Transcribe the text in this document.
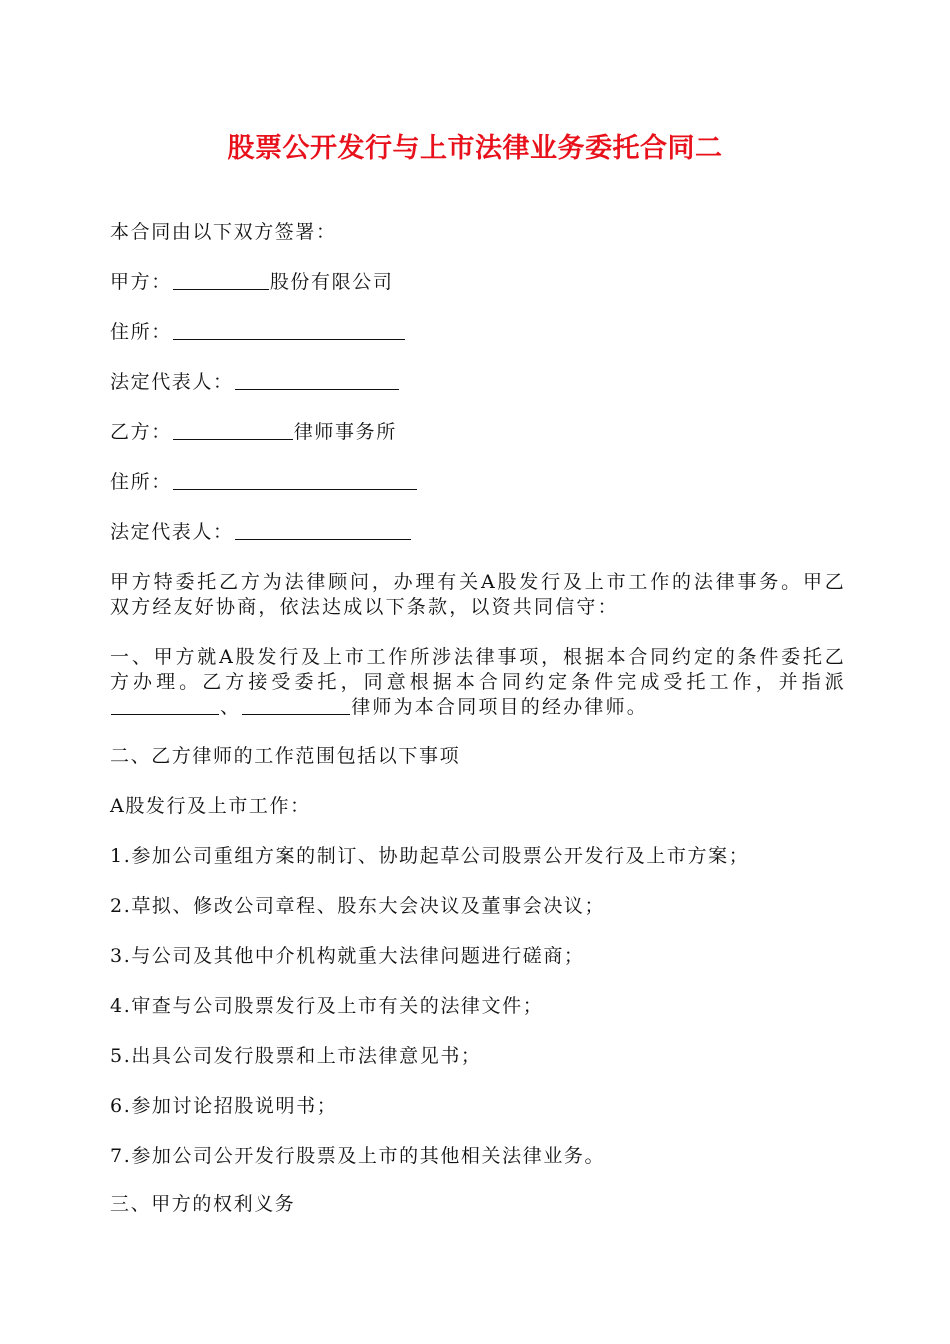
股票公开发行与上市法律业务委托合同二

本合同由以下双方签署：

甲方：	股份有限公司

住所：

法定代表人：

乙方：	律师事务所

住所：

法定代表人：

甲方特委托乙方为法律顾问，办理有关A股发行及上市工作的法律事务。甲乙双方经友好协商，依法达成以下条款，以资共同信守：

一、甲方就A股发行及上市工作所涉法律事项，根据本合同约定的条件委托乙方办理。乙方接受委托，同意根据本合同约定条件完成受托工作，并指派、	律师为本合同项目的经办律师。

二、乙方律师的工作范围包括以下事项

A股发行及上市工作：

1.参加公司重组方案的制订、协助起草公司股票公开发行及上市方案；

2.草拟、修改公司章程、股东大会决议及董事会决议；

3.与公司及其他中介机构就重大法律问题进行磋商；

4.审查与公司股票发行及上市有关的法律文件；

5.出具公司发行股票和上市法律意见书；

6.参加讨论招股说明书；

7.参加公司公开发行股票及上市的其他相关法律业务。

三、甲方的权利义务
